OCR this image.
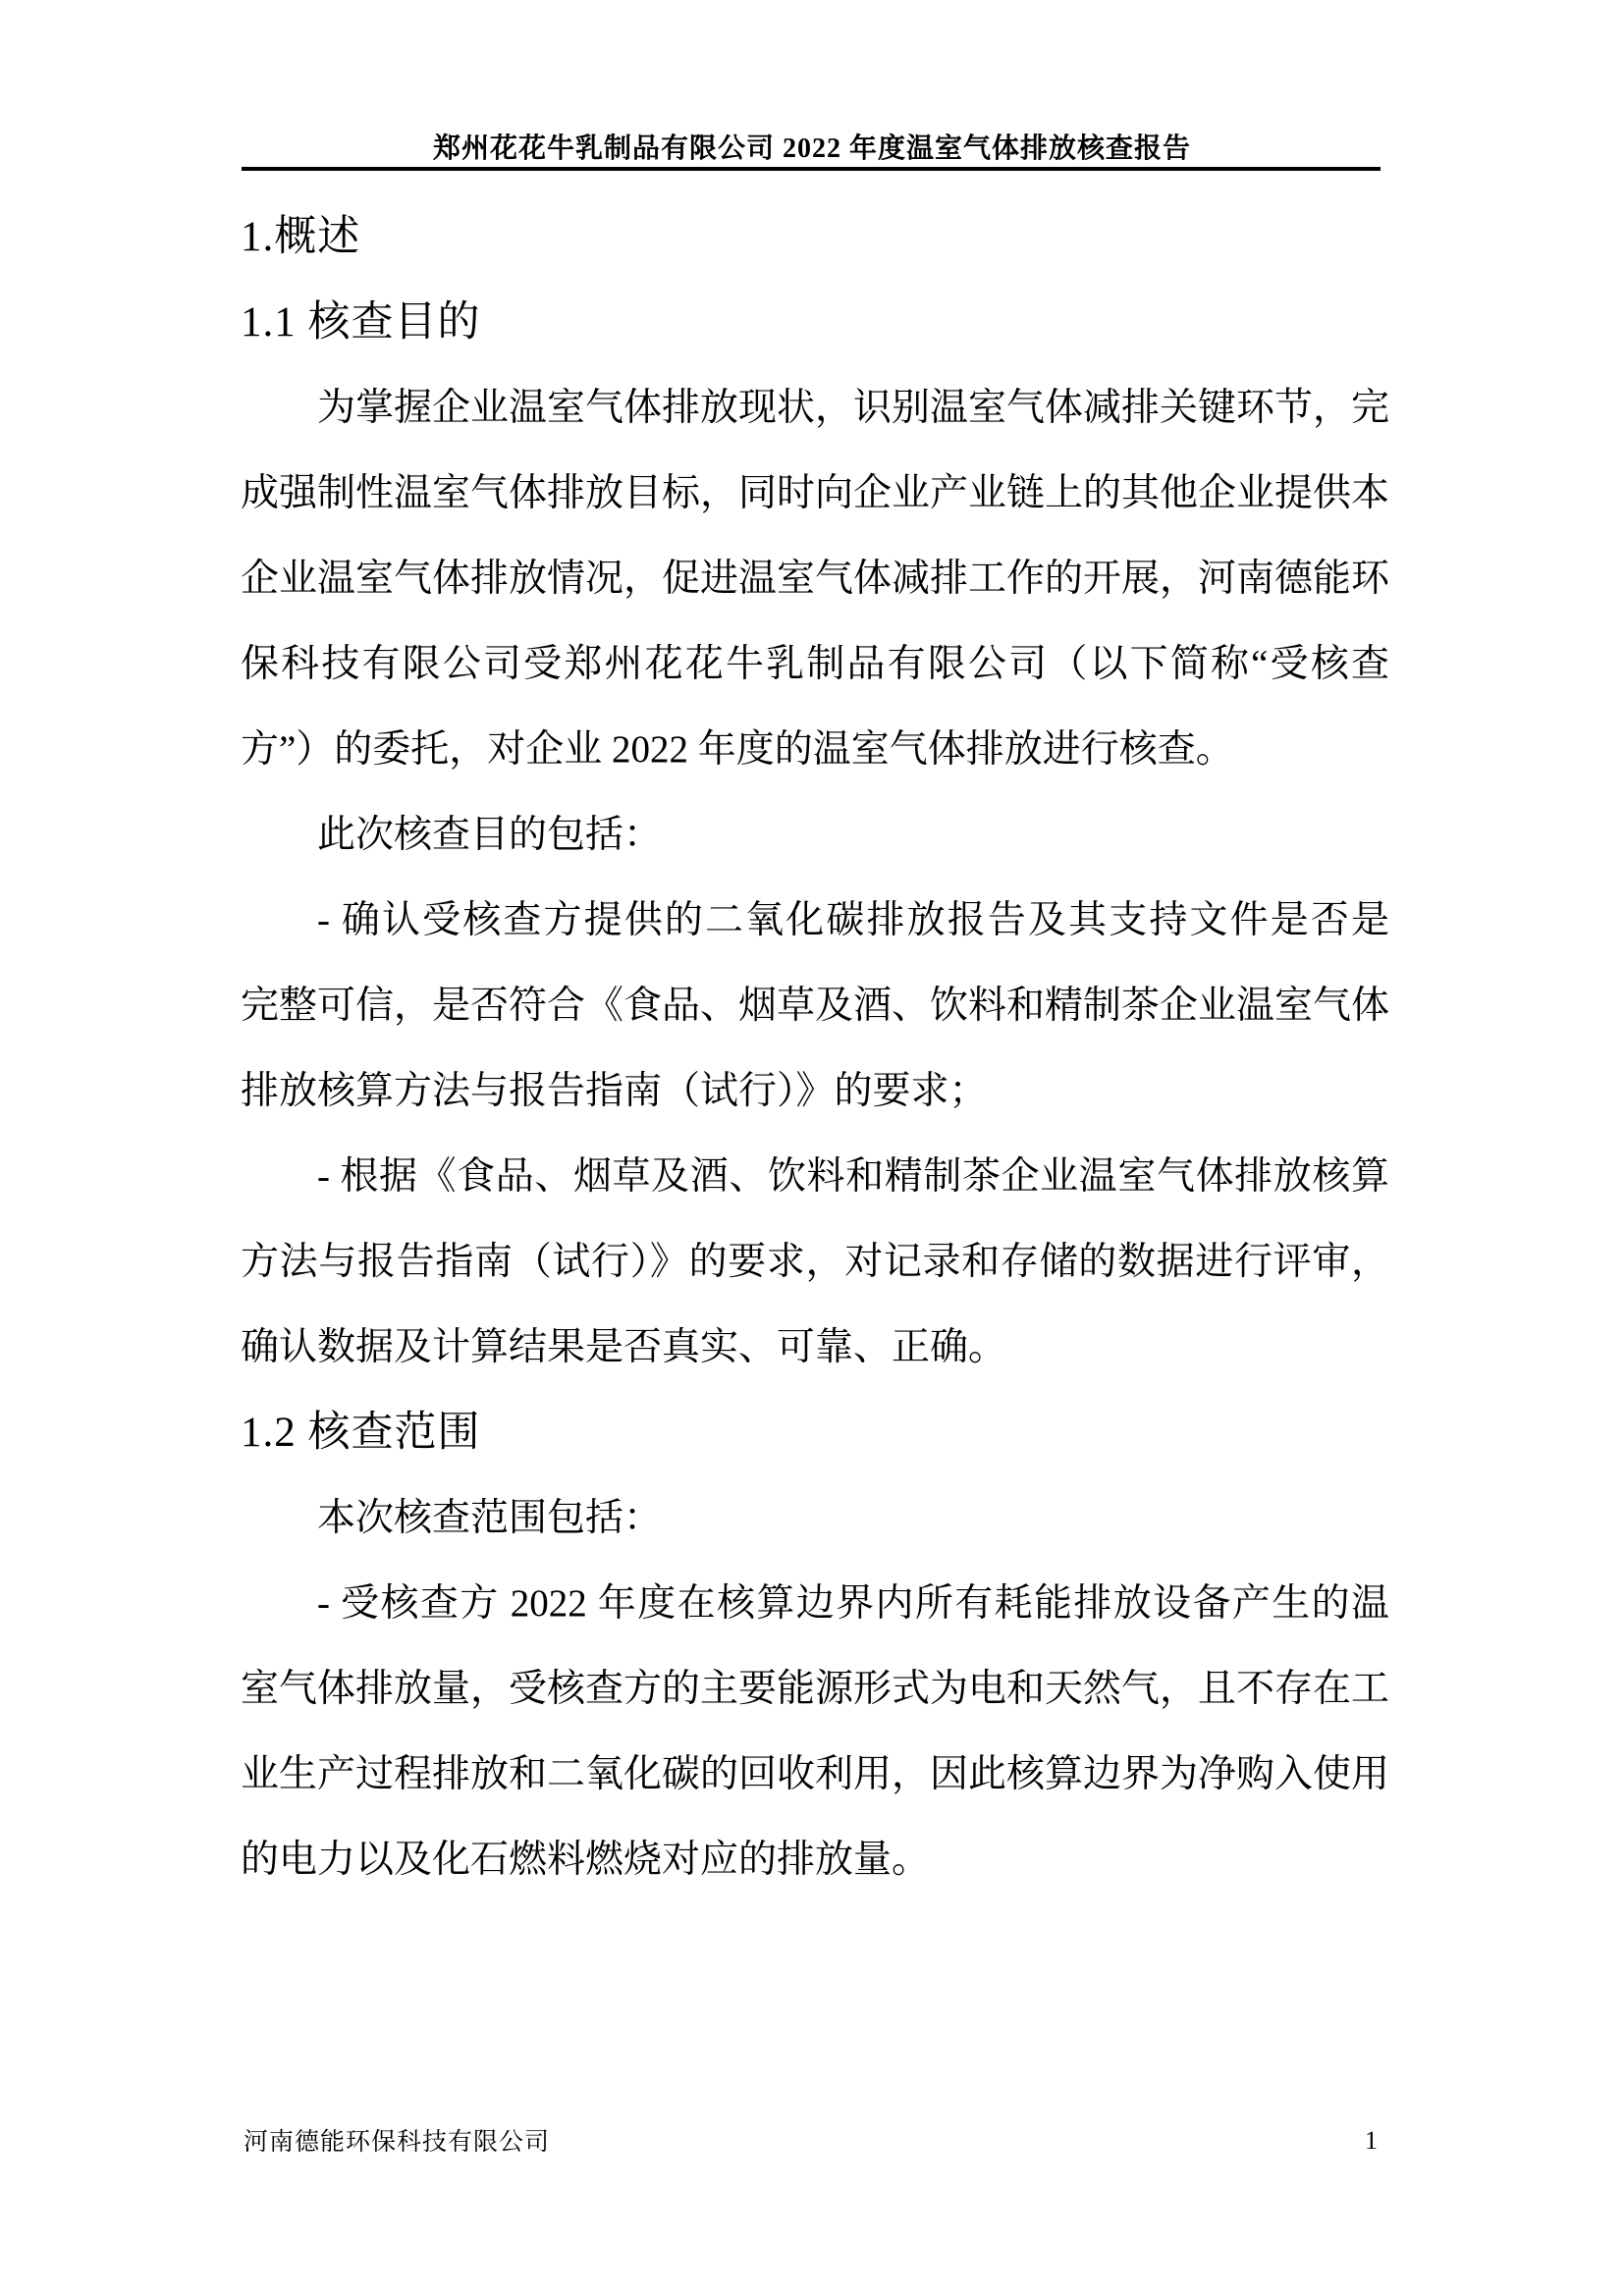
郑州花花牛乳制品有限公司 2022 年度温室气体排放核查报告
1.概述
1.1 核查目的
为掌握企业温室气体排放现状，识别温室气体减排关键环节，完
成强制性温室气体排放目标，同时向企业产业链上的其他企业提供本
企业温室气体排放情况，促进温室气体减排工作的开展，河南德能环
保科技有限公司受郑州花花牛乳制品有限公司（以下简称“受核查
方”）的委托，对企业 2022 年度的温室气体排放进行核查。
此次核查目的包括：
- 确认受核查方提供的二氧化碳排放报告及其支持文件是否是
完整可信，是否符合《食品、烟草及酒、饮料和精制茶企业温室气体
排放核算方法与报告指南（试行）》的要求；
- 根据《食品、烟草及酒、饮料和精制茶企业温室气体排放核算
方法与报告指南（试行）》的要求，对记录和存储的数据进行评审，
确认数据及计算结果是否真实、可靠、正确。
1.2 核查范围
本次核查范围包括：
- 受核查方 2022 年度在核算边界内所有耗能排放设备产生的温
室气体排放量，受核查方的主要能源形式为电和天然气，且不存在工
业生产过程排放和二氧化碳的回收利用，因此核算边界为净购入使用
的电力以及化石燃料燃烧对应的排放量。
河南德能环保科技有限公司	1
